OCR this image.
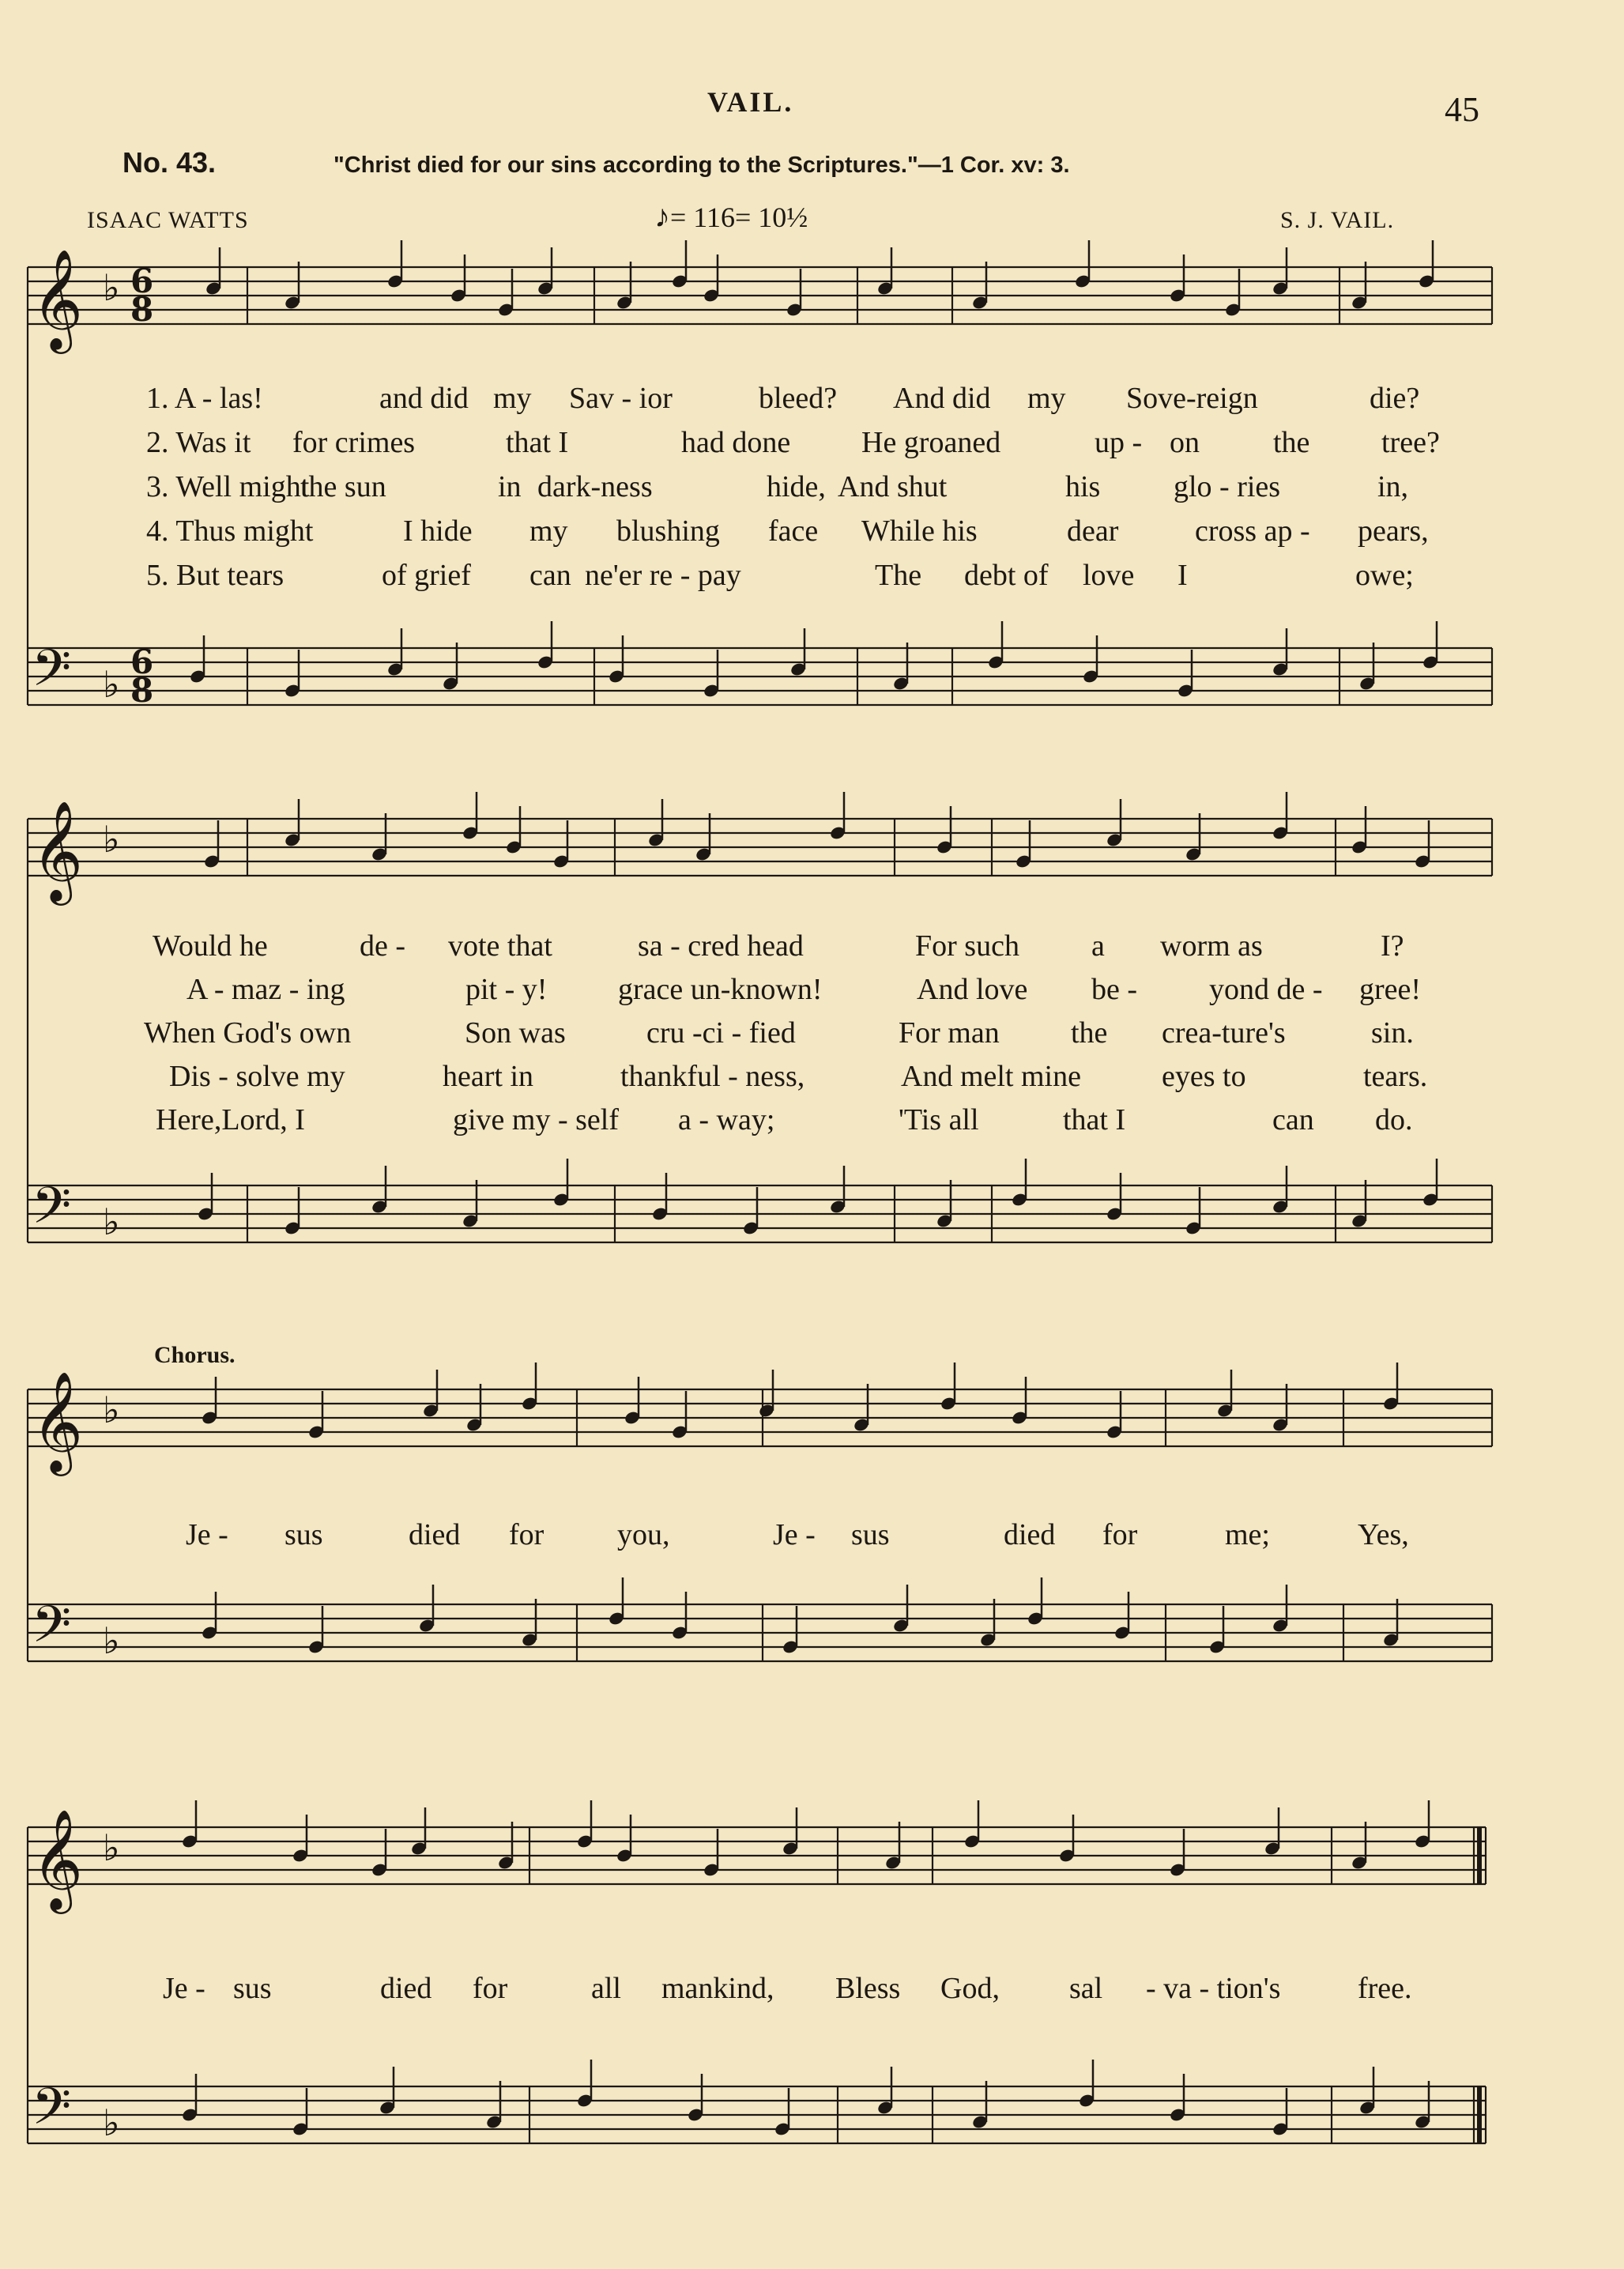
VAIL.	45
No. 43.	"Christ died for our sins according to the Scriptures."—1 Cor. xv: 3.
ISAAC WATTS	♪= 116= 10½	S. J. VAIL.
𝄞
𝄢
♭
♭
6
8
6
8
𝄞
𝄢
♭
♭
𝄞
𝄢
♭
♭
𝄞
𝄢
♭
♭
1. A - las!	and did my Sav - ior	bleed? And did my Sove-reign	die?
2. Was it for crimes	that I	had done He groaned	up - on the tree?
3. Well might
the sun	in dark-ness	hide, And shut	his glo - ries	in,
4. Thus might	I hide my blushing face While his	dear	cross ap - pears,
5. But tears	of grief can ne'er re - pay	The debt of	I
love	owe;
Would he	de - vote that	sa - cred head	For such a worm as	I?
A - maz - ing	pit - y! grace un-known!	And love be - yond de - gree!
When God's own	Son was	cru -ci - fied	For man the crea-ture's	sin.
Dis - solve my	heart in	thankful - ness,	And melt mine	eyes to	tears.
Here,Lord, I	give my - self a - way;	'Tis all	that I	can do.
Chorus.
Je - sus	died for you,	Je - sus	died for	me;	Yes,
Je - sus	died for	all mankind, Bless God, sal - va - tion's	free.
